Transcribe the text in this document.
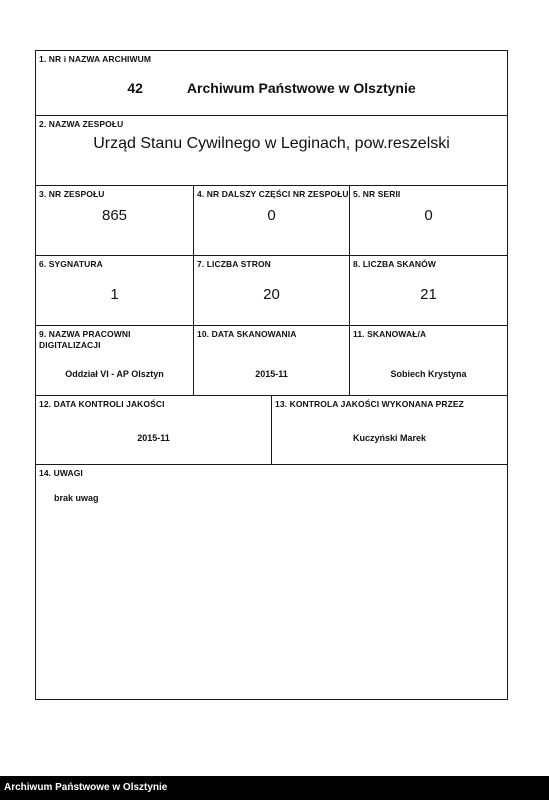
1. NR i NAZWA ARCHIWUM
42	Archiwum Państwowe w Olsztynie
2. NAZWA ZESPOŁU
Urząd Stanu Cywilnego w Leginach, pow.reszelski
3. NR ZESPOŁU
865
4. NR DALSZY CZĘŚCI NR ZESPOŁU
0
5. NR SERII
0
6. SYGNATURA
1
7. LICZBA STRON
20
8. LICZBA SKANÓW
21
9. NAZWA PRACOWNI DIGITALIZACJI
Oddział VI - AP Olsztyn
10. DATA SKANOWANIA
2015-11
11. SKANOWAŁ/A
Sobiech Krystyna
12. DATA KONTROLI JAKOŚCI
2015-11
13. KONTROLA JAKOŚCI WYKONANA PRZEZ
Kuczyński Marek
14. UWAGI
brak uwag
Archiwum Państwowe w Olsztynie
